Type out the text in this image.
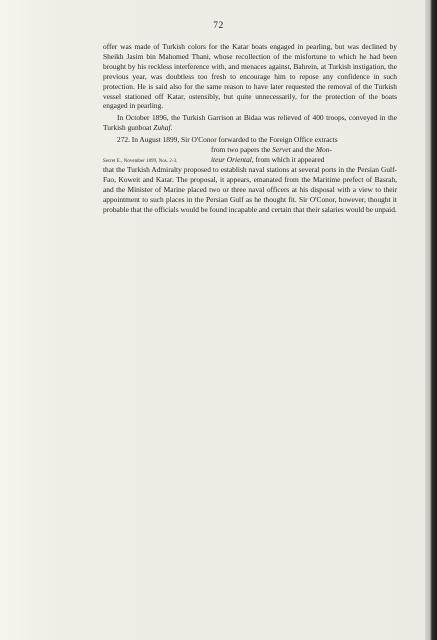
72

offer was made of Turkish colors for the Katar boats engaged in pearling, but was declined by Sheikh Jasim bin Mahomed Thani, whose recollection of the misfortune to which he had been brought by his reckless interference with, and menaces against, Bahrein, at Turkish instigation, the previous year, was doubtless too fresh to encourage him to repose any confidence in such protection. He is said also for the same reason to have later requested the removal of the Turkish vessel stationed off Katar, ostensibly, but quite unnecessarily, for the protection of the boats engaged in pearling.

In October 1896, the Turkish Garrison at Bidaa was relieved of 400 troops, conveyed in the Turkish gunboat Zuhaf.

272. In August 1899, Sir O'Conor forwarded to the Foreign Office extracts

Secret E., November 1899, Nos. 2-3.
from two papers the Servet and the Mon-
iteur Oriental, from which it appeared

that the Turkish Admiralty proposed to establish naval stations at several ports in the Persian Gulf-Fao, Koweit and Katar. The proposal, it appears, emanated from the Maritime prefect of Basrah, and the Minister of Marine placed two or three naval officers at his disposal with a view to their appointment to such places in the Persian Gulf as he thought fit. Sir O'Conor, however, thought it probable that the officials would be found incapable and certain that their salaries would be unpaid.
